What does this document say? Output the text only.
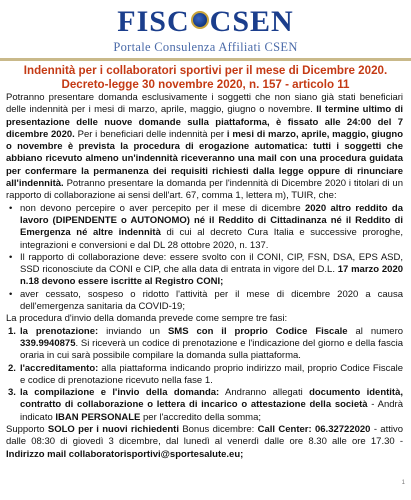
FISC CSEN
Portale Consulenza Affiliati CSEN
Indennità per i collaboratori sportivi per il mese di Dicembre 2020.
Decreto-legge 30 novembre 2020, n. 157 - articolo 11

Potranno presentare domanda esclusivamente i soggetti che non siano già stati beneficiari delle indennità per i mesi di marzo, aprile, maggio, giugno o novembre. Il termine ultimo di presentazione delle nuove domande sulla piattaforma, è fissato alle 24:00 del 7 dicembre 2020. Per i beneficiari delle indennità per i mesi di marzo, aprile, maggio, giugno o novembre è prevista la procedura di erogazione automatica: tutti i soggetti che abbiano ricevuto almeno un'indennità riceveranno una mail con una procedura guidata per confermare la permanenza dei requisiti richiesti dalla legge oppure di rinunciare all'indennità. Potranno presentare la domanda per l'indennità di Dicembre 2020 i titolari di un rapporto di collaborazione ai sensi dell'art. 67, comma 1, lettera m), TUIR, che:

• non devono percepire o aver percepito per il mese di dicembre 2020 altro reddito da lavoro (DIPENDENTE o AUTONOMO) né il Reddito di Cittadinanza né il Reddito di Emergenza né altre indennità di cui al decreto Cura Italia e successive proroghe, integrazioni e conversioni e dal DL 28 ottobre 2020, n. 137.
• Il rapporto di collaborazione deve: essere svolto con il CONI, CIP, FSN, DSA, EPS ASD, SSD riconosciute da CONI e CIP, che alla data di entrata in vigore del D.L. 17 marzo 2020 n.18 devono essere iscritte al Registro CONI;
• aver cessato, sospeso o ridotto l'attività per il mese di dicembre 2020 a causa dell'emergenza sanitaria da COVID-19;

La procedura d'invio della domanda prevede come sempre tre fasi:

1. la prenotazione: inviando un SMS con il proprio Codice Fiscale al numero 339.9940875. Si riceverà un codice di prenotazione e l'indicazione del giorno e della fascia oraria in cui sarà possibile compilare la domanda sulla piattaforma.
2. l'accreditamento: alla piattaforma indicando proprio indirizzo mail, proprio Codice Fiscale e codice di prenotazione ricevuto nella fase 1.
3. la compilazione e l'invio della domanda: Andranno allegati documento identità, contratto di collaborazione o lettera di incarico o attestazione della società - Andrà indicato IBAN PERSONALE per l'accredito della somma;

Supporto SOLO per i nuovi richiedenti Bonus dicembre: Call Center: 06.32722020 - attivo dalle 08:30 di giovedì 3 dicembre, dal lunedì al venerdì dalle ore 8.30 alle ore 17.30 - Indirizzo mail collaboratorisportivi@sportesalute.eu;

1
